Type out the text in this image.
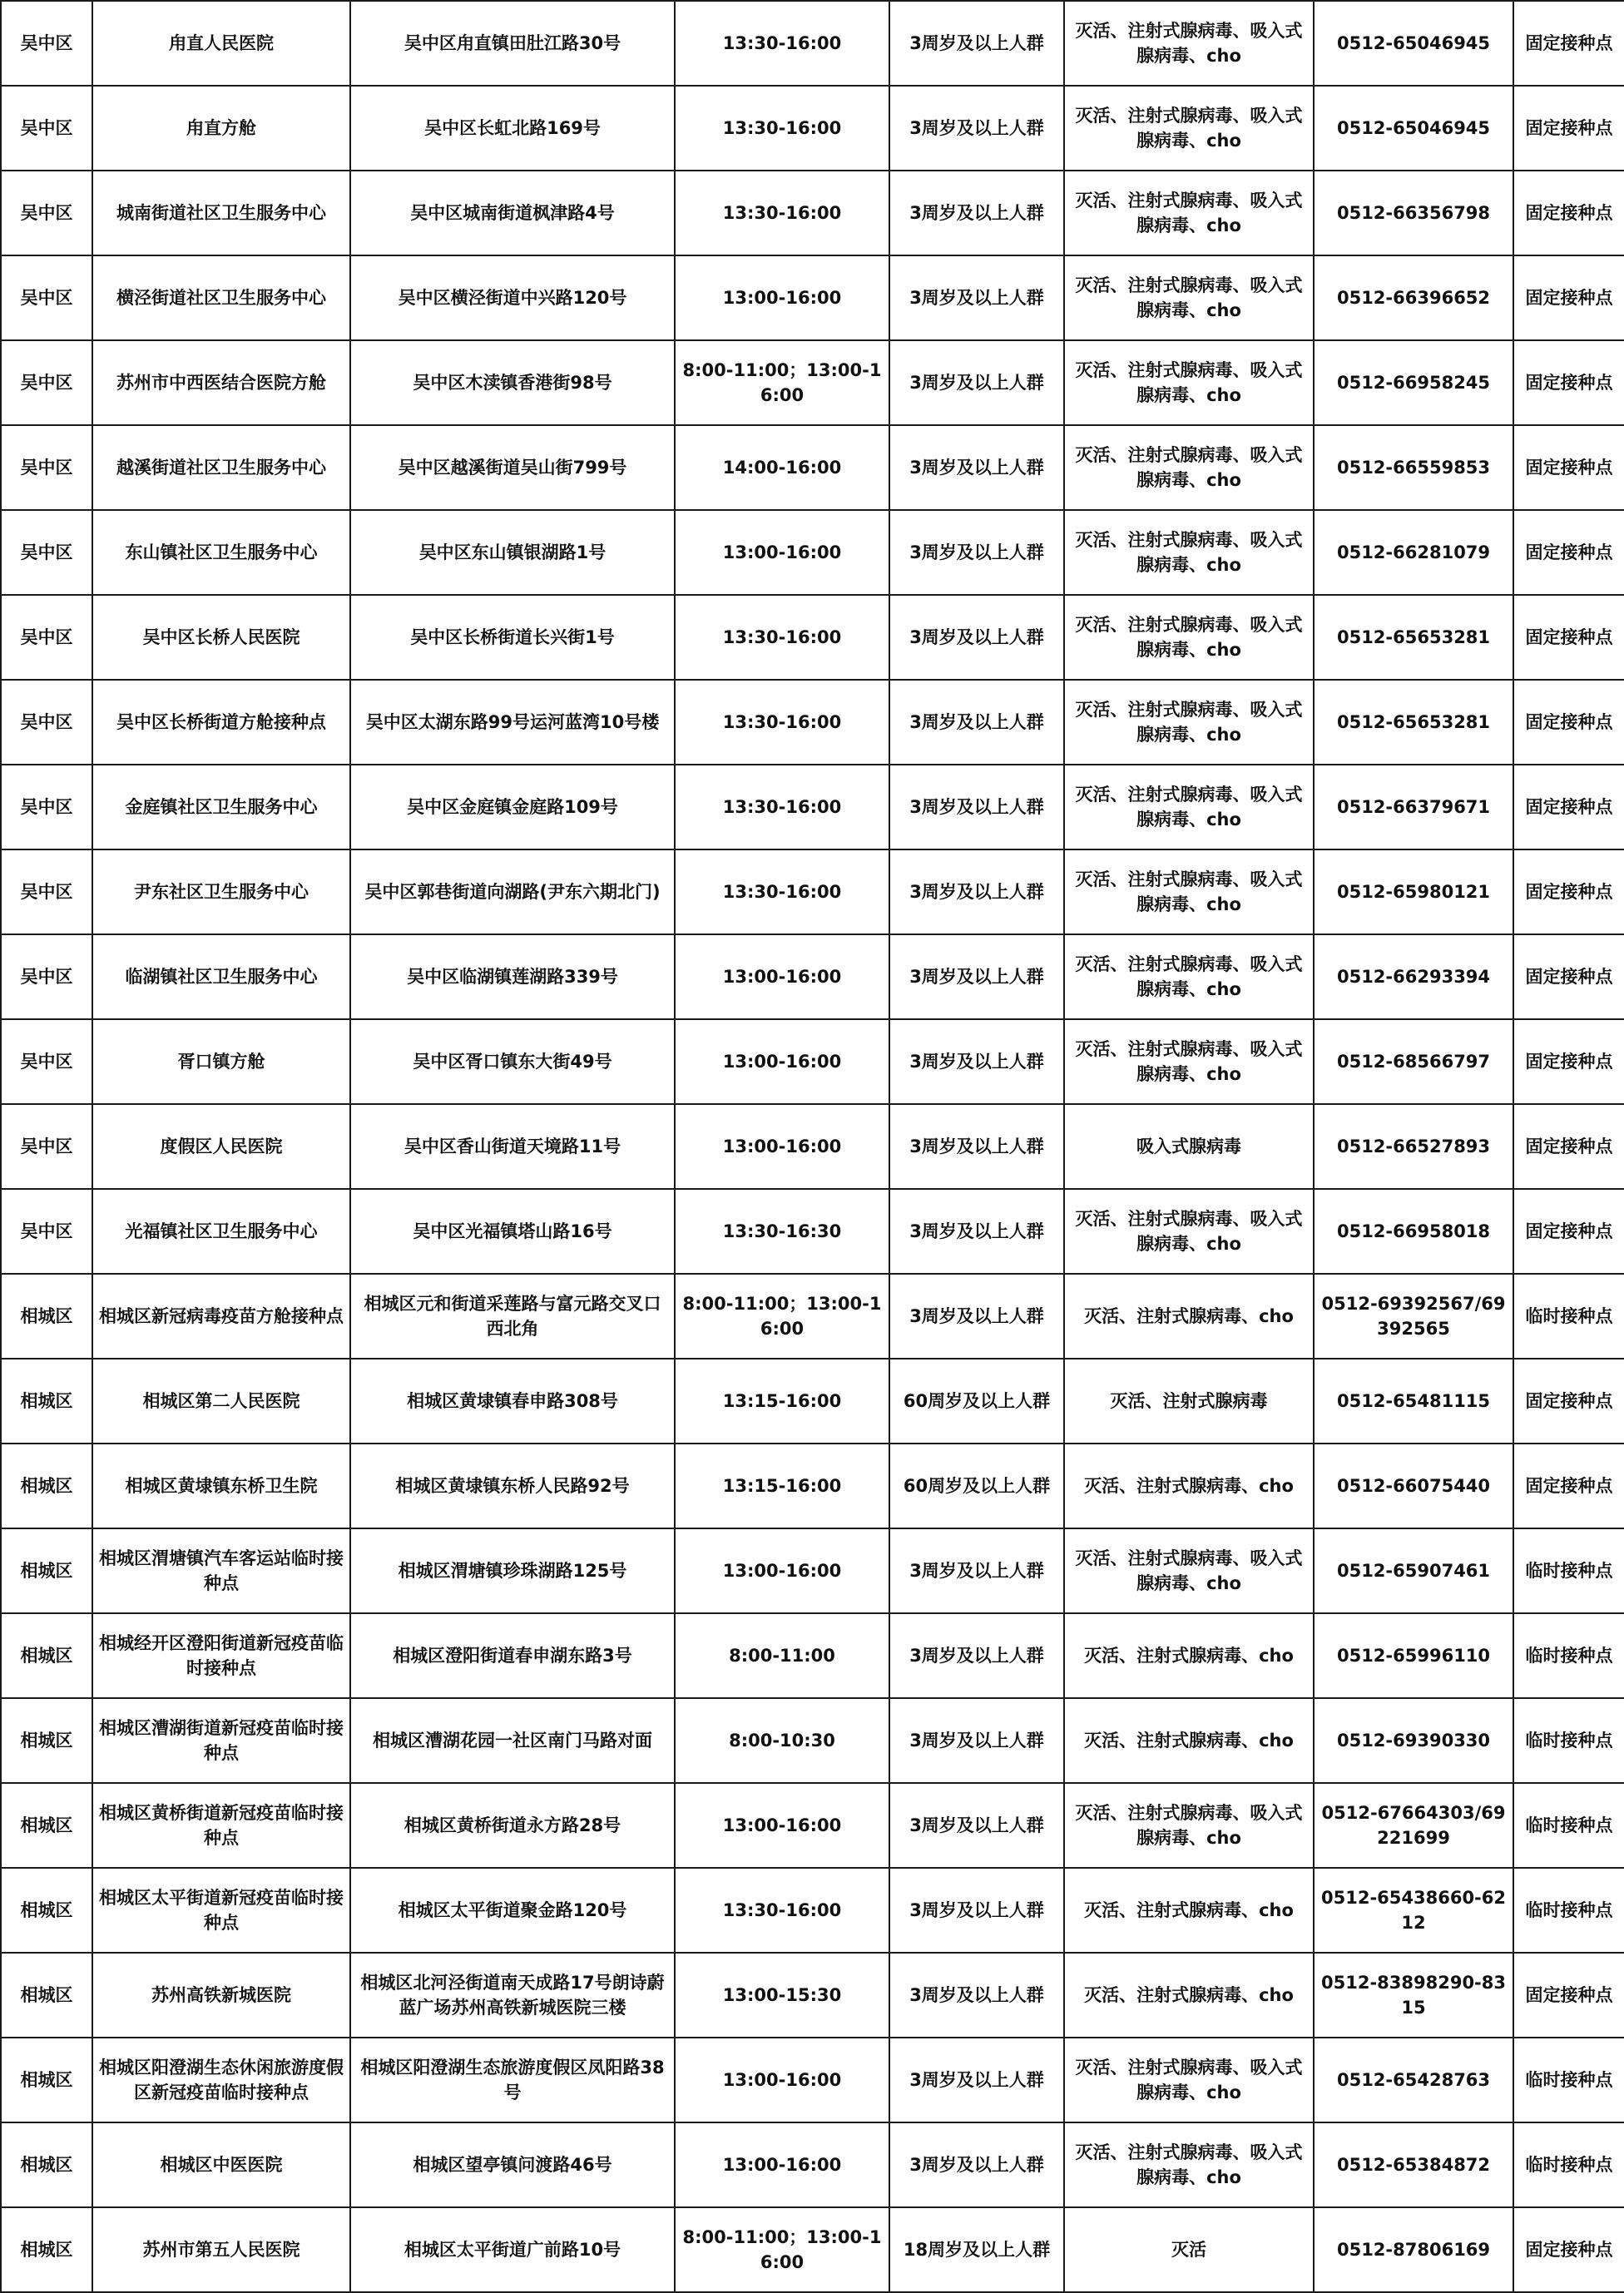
吴中区	甪直人民医院	吴中区甪直镇田肚江路30号	13:30-16:00	3周岁及以上人群	灭活、注射式腺病毒、吸入式腺病毒、cho	0512-65046945	固定接种点
吴中区	甪直方舱	吴中区长虹北路169号	13:30-16:00	3周岁及以上人群	灭活、注射式腺病毒、吸入式腺病毒、cho	0512-65046945	固定接种点
吴中区	城南街道社区卫生服务中心	吴中区城南街道枫津路4号	13:30-16:00	3周岁及以上人群	灭活、注射式腺病毒、吸入式腺病毒、cho	0512-66356798	固定接种点
吴中区	横泾街道社区卫生服务中心	吴中区横泾街道中兴路120号	13:00-16:00	3周岁及以上人群	灭活、注射式腺病毒、吸入式腺病毒、cho	0512-66396652	固定接种点
吴中区	苏州市中西医结合医院方舱	吴中区木渎镇香港街98号	8:00-11:00；13:00-16:00	3周岁及以上人群	灭活、注射式腺病毒、吸入式腺病毒、cho	0512-66958245	固定接种点
吴中区	越溪街道社区卫生服务中心	吴中区越溪街道吴山街799号	14:00-16:00	3周岁及以上人群	灭活、注射式腺病毒、吸入式腺病毒、cho	0512-66559853	固定接种点
吴中区	东山镇社区卫生服务中心	吴中区东山镇银湖路1号	13:00-16:00	3周岁及以上人群	灭活、注射式腺病毒、吸入式腺病毒、cho	0512-66281079	固定接种点
吴中区	吴中区长桥人民医院	吴中区长桥街道长兴街1号	13:30-16:00	3周岁及以上人群	灭活、注射式腺病毒、吸入式腺病毒、cho	0512-65653281	固定接种点
吴中区	吴中区长桥街道方舱接种点	吴中区太湖东路99号运河蓝湾10号楼	13:30-16:00	3周岁及以上人群	灭活、注射式腺病毒、吸入式腺病毒、cho	0512-65653281	固定接种点
吴中区	金庭镇社区卫生服务中心	吴中区金庭镇金庭路109号	13:30-16:00	3周岁及以上人群	灭活、注射式腺病毒、吸入式腺病毒、cho	0512-66379671	固定接种点
吴中区	尹东社区卫生服务中心	吴中区郭巷街道向湖路(尹东六期北门)	13:30-16:00	3周岁及以上人群	灭活、注射式腺病毒、吸入式腺病毒、cho	0512-65980121	固定接种点
吴中区	临湖镇社区卫生服务中心	吴中区临湖镇莲湖路339号	13:00-16:00	3周岁及以上人群	灭活、注射式腺病毒、吸入式腺病毒、cho	0512-66293394	固定接种点
吴中区	胥口镇方舱	吴中区胥口镇东大街49号	13:00-16:00	3周岁及以上人群	灭活、注射式腺病毒、吸入式腺病毒、cho	0512-68566797	固定接种点
吴中区	度假区人民医院	吴中区香山街道天境路11号	13:00-16:00	3周岁及以上人群	吸入式腺病毒	0512-66527893	固定接种点
吴中区	光福镇社区卫生服务中心	吴中区光福镇塔山路16号	13:30-16:30	3周岁及以上人群	灭活、注射式腺病毒、吸入式腺病毒、cho	0512-66958018	固定接种点
相城区	相城区新冠病毒疫苗方舱接种点	相城区元和街道采莲路与富元路交叉口西北角	8:00-11:00；13:00-16:00	3周岁及以上人群	灭活、注射式腺病毒、cho	0512-69392567/69392565	临时接种点
相城区	相城区第二人民医院	相城区黄埭镇春申路308号	13:15-16:00	60周岁及以上人群	灭活、注射式腺病毒	0512-65481115	固定接种点
相城区	相城区黄埭镇东桥卫生院	相城区黄埭镇东桥人民路92号	13:15-16:00	60周岁及以上人群	灭活、注射式腺病毒、cho	0512-66075440	固定接种点
相城区	相城区渭塘镇汽车客运站临时接种点	相城区渭塘镇珍珠湖路125号	13:00-16:00	3周岁及以上人群	灭活、注射式腺病毒、吸入式腺病毒、cho	0512-65907461	临时接种点
相城区	相城经开区澄阳街道新冠疫苗临时接种点	相城区澄阳街道春申湖东路3号	8:00-11:00	3周岁及以上人群	灭活、注射式腺病毒、cho	0512-65996110	临时接种点
相城区	相城区漕湖街道新冠疫苗临时接种点	相城区漕湖花园一社区南门马路对面	8:00-10:30	3周岁及以上人群	灭活、注射式腺病毒、cho	0512-69390330	临时接种点
相城区	相城区黄桥街道新冠疫苗临时接种点	相城区黄桥街道永方路28号	13:00-16:00	3周岁及以上人群	灭活、注射式腺病毒、吸入式腺病毒、cho	0512-67664303/69221699	临时接种点
相城区	相城区太平街道新冠疫苗临时接种点	相城区太平街道聚金路120号	13:30-16:00	3周岁及以上人群	灭活、注射式腺病毒、cho	0512-65438660-6212	临时接种点
相城区	苏州高铁新城医院	相城区北河泾街道南天成路17号朗诗蔚蓝广场苏州高铁新城医院三楼	13:00-15:30	3周岁及以上人群	灭活、注射式腺病毒、cho	0512-83898290-8315	固定接种点
相城区	相城区阳澄湖生态休闲旅游度假区新冠疫苗临时接种点	相城区阳澄湖生态旅游度假区凤阳路38号	13:00-16:00	3周岁及以上人群	灭活、注射式腺病毒、吸入式腺病毒、cho	0512-65428763	临时接种点
相城区	相城区中医医院	相城区望亭镇问渡路46号	13:00-16:00	3周岁及以上人群	灭活、注射式腺病毒、吸入式腺病毒、cho	0512-65384872	临时接种点
相城区	苏州市第五人民医院	相城区太平街道广前路10号	8:00-11:00；13:00-16:00	18周岁及以上人群	灭活	0512-87806169	固定接种点
